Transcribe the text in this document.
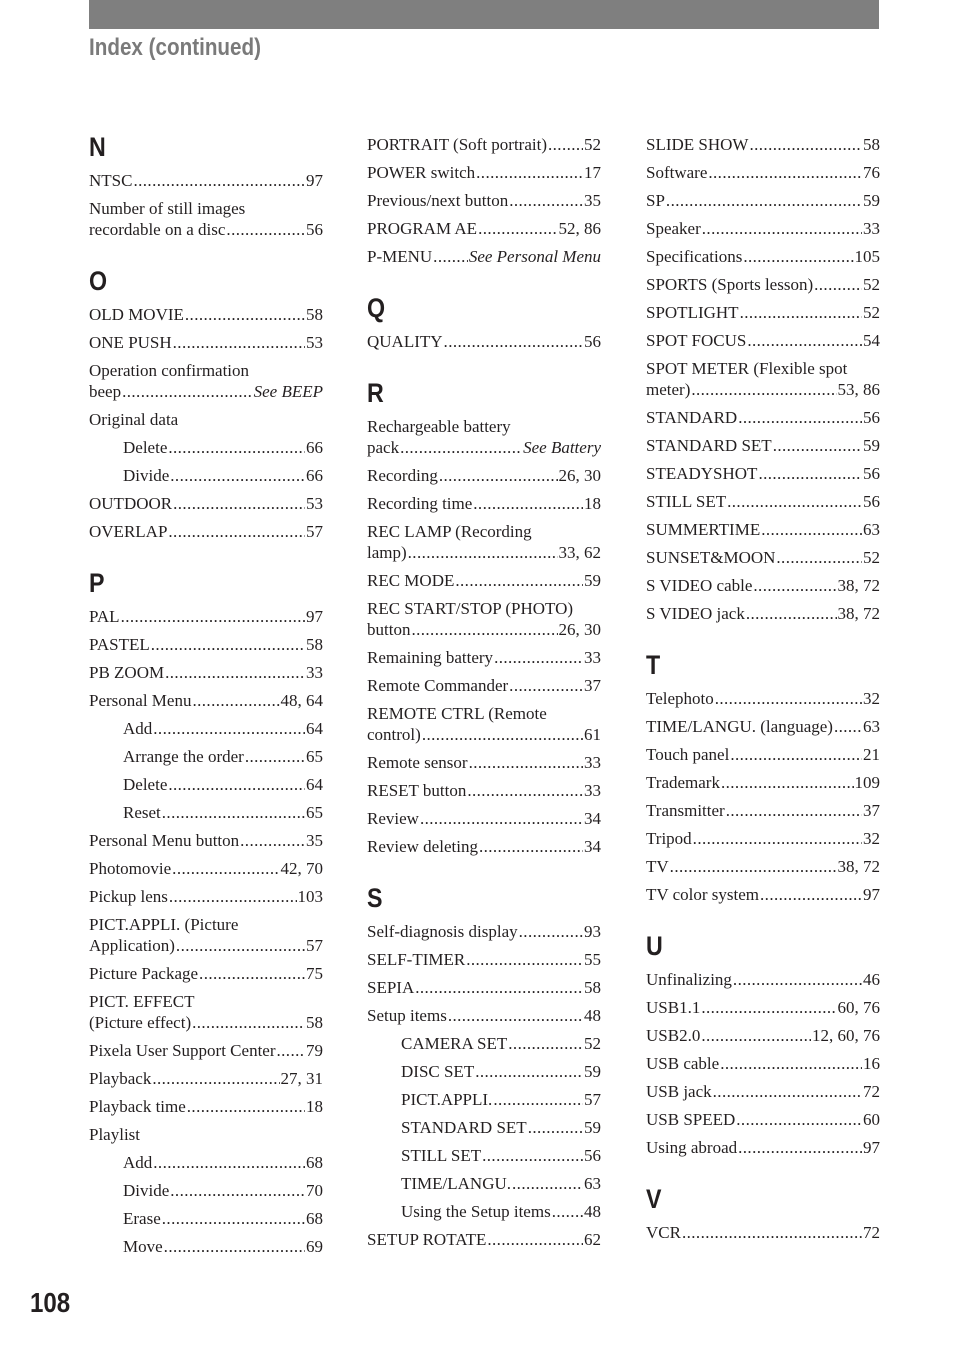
Index (continued)
N
NTSC .....	97
Number of still images
recordable on a disc .....	56
O
OLD MOVIE .....	58
ONE PUSH .....	53
Operation confirmation
beep .....	See BEEP
Original data
Delete .....	66
Divide .....	66
OUTDOOR .....	53
OVERLAP .....	57
P
PAL .....	97
PASTEL .....	58
PB ZOOM .....	33
Personal Menu .....	48, 64
Add .....	64
Arrange the order .....	65
Delete .....	64
Reset .....	65
Personal Menu button .....	35
Photomovie .....	42, 70
Pickup lens .....	103
PICT.APPLI. (Picture
Application) .....	57
Picture Package .....	75
PICT. EFFECT
(Picture effect) .....	58
Pixela User Support Center ..... 79
Playback .....	27, 31
Playback time .....	18
Playlist
Add .....	68
Divide .....	70
Erase .....	68
Move .....	69
PORTRAIT (Soft portrait) ..... 52
POWER switch .....	17
Previous/next button .....	35
PROGRAM AE .....	52, 86
P-MENU ..... See Personal Menu
Q
QUALITY .....	56
R
Rechargeable battery
pack .....	See Battery
Recording .....	26, 30
Recording time .....	18
REC LAMP (Recording
lamp) .....	33, 62
REC MODE .....	59
REC START/STOP (PHOTO)
button .....	26, 30
Remaining battery .....	33
Remote Commander .....	37
REMOTE CTRL (Remote
control) .....	61
Remote sensor .....	33
RESET button .....	33
Review .....	34
Review deleting .....	34
S
Self-diagnosis display .....	93
SELF-TIMER .....	55
SEPIA .....	58
Setup items .....	48
CAMERA SET .....	52
DISC SET .....	59
PICT.APPLI. .....	57
STANDARD SET .....	59
STILL SET .....	56
TIME/LANGU. .....	63
Using the Setup items ..... 48
SETUP ROTATE .....	62
SLIDE SHOW .....	58
Software .....	76
SP .....	59
Speaker .....	33
Specifications .....	105
SPORTS (Sports lesson) .....	52
SPOTLIGHT .....	52
SPOT FOCUS .....	54
SPOT METER (Flexible spot
meter) .....	53, 86
STANDARD .....	56
STANDARD SET .....	59
STEADYSHOT .....	56
STILL SET .....	56
SUMMERTIME .....	63
SUNSET&MOON .....	52
S VIDEO cable .....	38, 72
S VIDEO jack .....	38, 72
T
Telephoto .....	32
TIME/LANGU. (language) ..... 63
Touch panel .....	21
Trademark .....	109
Transmitter .....	37
Tripod .....	32
TV .....	38, 72
TV color system .....	97
U
Unfinalizing .....	46
USB1.1 .....	60, 76
USB2.0 .....	12, 60, 76
USB cable .....	16
USB jack .....	72
USB SPEED .....	60
Using abroad .....	97
V
VCR .....	72
108
